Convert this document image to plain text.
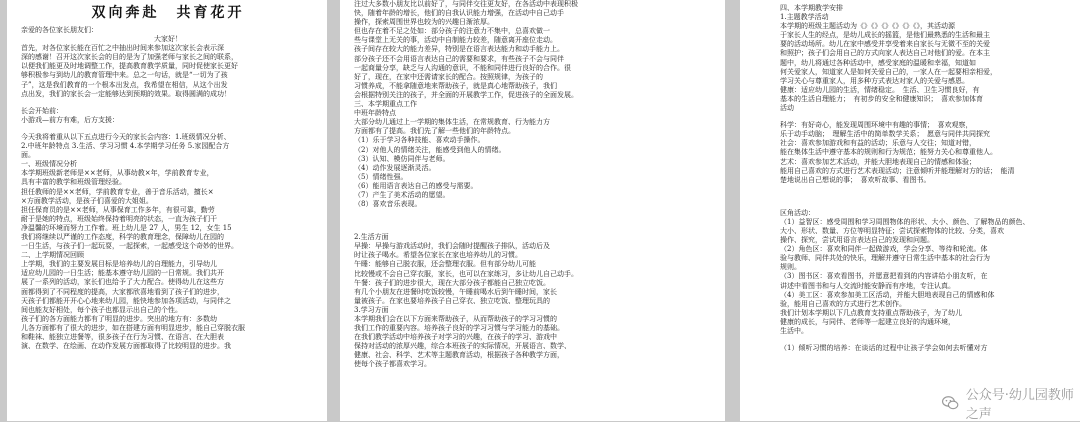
双向奔赴　共育花开
亲爱的各位家长朋友们：
大家好！
首先，对各位家长能在百忙之中抽出时间来参加这次家长会表示深
深的感谢！召开这次家长会的目的是为了加强老师与家长之间的联系，
以便我们能更及时地调整工作，提高教育教学质量，同时促使家长更好
够积极参与到幼儿的教育管理中来。总之一句话，就是“一切为了孩
子”，这是我们教育的一个根本出发点，我希望在相信，从这个出发
点出发，我们的家长会一定能够达到预期的效果。取得圆满的成功！
长会开始前：
小游戏—前方有难，后方支援：
今天我将着重从以下五点进行今天的家长会内容：1.班级情况分析、
2.中班年龄特点 3.生活、学习习惯 4.本学期学习任务 5.家园配合方
面。
一、班级情况分析
本学期班级新老师是××老师，从事幼教×年，学前教育专业，
具有丰富的教学和班级管理经验。
担任教师的是××老师，学前教育专业，善于音乐活动，擅长×
×方面教学活动，是孩子们喜爱的大姐姐。
担任保育员的是××老师，从事保育工作多年，有很可靠，勤劳
耐于是她的特点，班级始终保持着明亮的状态，一直为孩子们干
净温馨的环境而努力工作着。班上幼儿是 27 人，男生 12，女生 15
我们将继续以严谨的工作态度，科学的教育理念，保障幼儿在园的
一日生活，与孩子们一起玩耍，一起探索，一起感受这个奇妙的世界。
二、上学期情况回顾
上学期，我们的主要发展目标是培养幼儿的自理能力，引导幼儿
适应幼儿园的一日生活；能基本遵守幼儿园的一日常规。我们共开
展了一系列的活动，家长们也给予了大力配合。使得幼儿在这些方
面都得到了不同程度的提高，大家都欣喜地看到了孩子们的进步，
天孩子们都能开开心心地来幼儿园，能快地参加各项活动，与同伴之
间也能友好相处，每个孩子也都显示出自己的个性。
孩子们的各方面能力都有了明显的进步。突出的地方有：多数幼
儿各方面都有了很大的进步，如在搭建方面有明显进步，能自己穿脱衣服
和鞋袜、能独立进餐等，很多孩子在行为习惯、在语言、在大胆表
演、在数学、在绘画、在动作发展方面都取得了比较明显的进步。我
注过大多数小朋友比以前好了，与同伴交往更友好，在各活动中表现积极
快，随着年龄的增长，他们的自我认识能力增强，在活动中自己动手
操作，探索周围世界也较为的兴趣日渐浓厚。
但也存在着不足之处如：部分孩子的注意力不集中，总喜欢做一
些与课堂上无关的事，活动中自制能力较差，随意离开座位走动。
孩子间存在较大的能力差异，特别是在语言表达能力和动手能力上。
部分孩子还不会用语言表达自己的需要和要求，有些孩子不会与同伴
一起商量分享，缺乏与人沟通的意识，不能和同伴进行良好的合作。很
好了，现在，在家中还需请家长的配合。按照规律，为孩子的
习惯养成，不能拿随意地来帮助孩子，就是真心地帮助孩子，我们
会根据特别关注的孩子，并全面的开展教学工作，促进孩子的全面发展。
三、本学期重点工作
中班年龄特点
大部分幼儿通过上一学期的集体生活，在常规教育、行为能力方
方面都有了提高。我们先了解一些他们的年龄特点。
（1）乐于学习各种技能、喜欢动手操作。
（2）对他人的情绪关注，能感受到他人的情绪。
（3）认知、模仿同伴与老师。
（4）动作发展逐渐灵活。
（5）情绪性强。
（6）能用语言表达自己的感受与需要。
（7）产生了美术活动的愿望。
（8）喜欢音乐表现。
2.生活方面
早操：早操与游戏活动时，我们会随时提醒孩子排队，活动后及
时让孩子喝水。希望各位家长在家也培养幼儿的习惯。
午睡：能够自己脱衣服，还会整理衣服。但有部分幼儿可能
比较慢或不会自己穿衣服，家长，也可以在家练习，多让幼儿自己动手。
午餐：孩子们的进步很大，现在大部分孩子都能自己独立吃饭。
有几个小朋友在进餐时吃饭较慢，午睡前喝水后到午睡时间，家长
量被孩子。在家也要培养孩子自己穿衣、独立吃饭、整理玩具的
3.学习方面
本学期我们会在以下方面来帮助孩子，从而帮助孩子的学习习惯的
我们工作的重要内容。培养孩子良好的学习习惯与学习能力的基础。
在我们教学活动中培养孩子对学习的兴趣，在孩子的学习、游戏中
保持对活动的浓厚兴趣，综合本班孩子的实际情况，开展语言、数学、
健康、社会、科学、艺术等主题教育活动，根据孩子各种教学方面，
使每个孩子都喜欢学习。
四、本学期教学安排
1.主题教学活动
本学期的班级主题活动为《》《》《》《》《》《》，其活动源
于家长人生的经点，是幼儿成长的摇篮，是他们最熟悉的生活和最主
要的活动场所。幼儿在家中感受并享受着来自家长与无微不至的关爱
和照护；孩子们会用自己的方式向家人表达自己对他们的爱。在本主
题中，幼儿将通过各种活动中，感受家庭的温暖和幸福，知道如
何关爱家人，知道家人是如何关爱自己的，一家人在一起要相亲相爱，
学习关心与尊重家人，用多种方式表达对家人的关爱与感恩。
健康：适应幼儿园的生活，情绪稳定。　生活、卫生习惯良好，有
基本的生活自理能力；　有初步的安全和健康知识；　喜欢参加体育
活动
科学：有好奇心，能发现周围环境中有趣的事情；　喜欢观察，
乐于动手动脑；　理解生活中的简单数学关系；　愿意与同伴共同探究
社会：喜欢参加游戏和有益的活动；乐意与人交往；知道对错，
能在集体生活中遵守基本的规则和行为规范；能努力关心和尊重他人。
艺术：喜欢参加艺术活动，并能大胆地表现自己的情感和体验；
能用自己喜欢的方式进行艺术表现活动；注意倾听并能理解对方的话；　能清
楚地说出自己想说的事；　喜欢听故事、看图书。
区角活动：
（1）益智区：感受周围和学习周围物体的形状、大小、颜色、了解物品的颜色、
大小、形状、数量、方位等明显特征；尝试探索物体的比较、分类，喜欢
操作、探究，尝试用语言表达自己的发现和问题。
（2）角色区：喜欢和同伴一起做游戏，学会分享、等待和轮流。体
验与教师、同伴共处的快乐，理解并遵守日常生活中基本的社会行为
规则。
（3）图书区：喜欢看图书，并愿意把看到的内容讲给小朋友听，在
讲述中看图书和与人交流时能安静而有序地，专注认真。
（4）美工区：喜欢参加美工区活动，并能大胆地表现自己的情感和体
验，能用自己喜欢的方式进行艺术创作。
我们计划本学期以下几点教育支持重点帮助孩子，为了幼儿
健康的成长，与同伴、老师等一起建立良好的沟通环境，
生活中。
（1）倾听习惯的培养：在谈话的过程中让孩子学会如何去听懂对方
公众号·幼儿园教师之声
